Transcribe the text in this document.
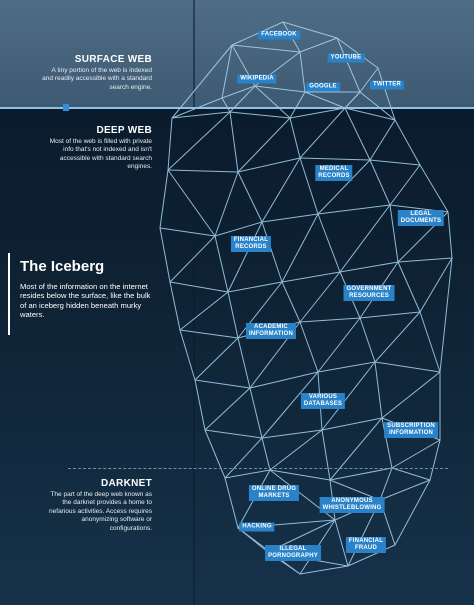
SURFACE WEB
A tiny portion of the web is indexed and readily accessible with a standard search engine.
DEEP WEB
Most of the web is filled with private info that's not indexed and isn't accessible with standard search engines.
The Iceberg
Most of the information on the internet resides below the surface, like the bulk of an iceberg hidden beneath murky waters.
DARKNET
The part of the deep web known as the darknet provides a home to nefarious activities. Access requires anonymizing software or configurations.
FACEBOOK
YOUTUBE
WIKIPEDIA
GOOGLE	TWITTER
MEDICAL
RECORDS
LEGAL
DOCUMENTS
FINANCIAL
RECORDS
GOVERNMENT
RESOURCES
ACADEMIC
INFORMATION
VARIOUS
DATABASES
SUBSCRIPTION
INFORMATION
ONLINE DRUG
MARKETS
ANONYMOUS
WHISTLEBLOWING
HACKING
FINANCIAL
FRAUD
ILLEGAL
PORNOGRAPHY
